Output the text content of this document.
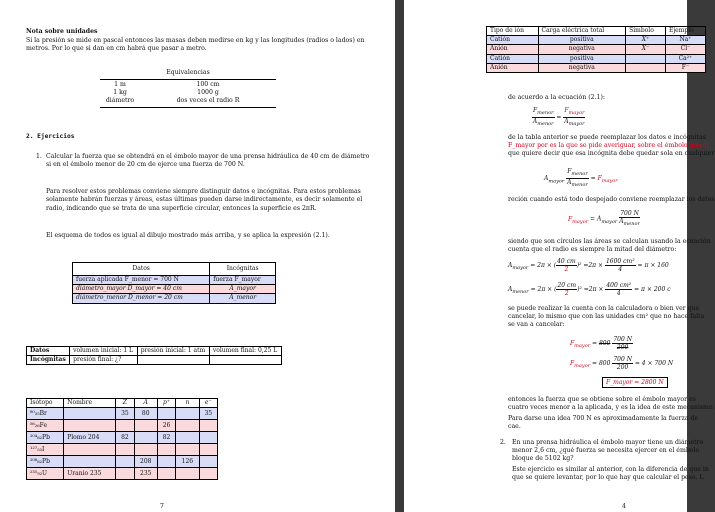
Nota sobre unidades
Si la presión se mide en pascal entonces las masas deben medirse en kg y las longitudes (radios o lados) en metros. Por lo que si dan en cm habrá que pasar a metro.
Equivalencias
1 m	100 cm
1 kg	1000 g
diámetro	dos veces el radio R
2. Ejercicios
1. Calcular la fuerza que se obtendrá en el émbolo mayor de una prensa hidráulica de 40 cm de diámetro si en el émbolo menor de 20 cm de ejerce una fuerza de 700 N.
Para resolver estos problemas conviene siempre distinguir datos e incógnitas. Para estos problemas solamente habrán fuerzas y áreas, estas últimas pueden darse indirectamente, es decir solamente el radio, indicando que se trata de una superficie circular, entonces la superficie es 2πR.
El esquema de todos es igual al dibujo mostrado más arriba, y se aplica la expresión (2.1).
Datos	Incógnitas
fuerza aplicada F_menor = 700 N	fuerza F_mayor
diámetro_mayor D_mayor = 40 cm	A_mayor
diámetro_menor D_menor = 20 cm	A_menor
Datos	volumen inicial: 1 L	presión inicial: 1 atm	volumen final: 0,25 L
Incógnitas	presión final: ¿?		
Isótopo	Nombre	Z	A	p⁺	n	e⁻
⁸⁰₃₅Br		35	80			35
⁵⁶₂₆Fe				26		
²⁰⁴₈₂Pb	Plomo 204	82		82		
¹²⁷₅₃I						
²⁰⁸₈₂Pb			208		126	
²³⁵₉₂U	Uranio 235		235			
7
Tipo de ión	Carga eléctrica total	Símbolo	Ejemplo
Catión	positiva	X⁺	Na⁺
Anión	negativa	X⁻	Cl⁻
Catión	positiva		Ca²⁺
Anión	negativa		F⁻
de acuerdo a la ecuación (2.1):
$\frac{F_{menor}}{A_{menor}} = \frac{F_{mayor}}{A_{mayor}}$
de la tabla anterior se puede reemplazar los datos e incógnitas
F_mayor por es la que se pide averiguar, sobre el émbolo mayor,
que quiere decir que esa incógnita debe quedar sola en cualquier
$A_{mayor} \frac{F_{menor}}{A_{menor}} = F_{mayor}$
reción cuando está todo despejado conviene reemplazar los datos
$F_{mayor} = A_{mayor} \frac{700 N}{A_{menor}}$
siendo que son círculos las áreas se calculan usando la ecuación
cuenta que el radio es siempre la mitad del diámetro:
$A_{mayor} = 2\pi$ × ( $\frac{40 cm}{2} )^2 =2\pi \times \frac{\text{1600 cm²}}{4} = \pi \times 160$
$A_{menor} = 2\pi$ × ( $\frac{20 cm}{2} )^2 =2\pi \times \frac{\text{400 cm²}}{4} = \pi \times 200$ c
se puede realizar la cuenta con la calculadora o bien ver que
cancelar, lo mismo que con las unidades cm² que no hace falta
se van a cancelar:
$F_{mayor} = 800 \frac{700 N}{200}$
$F_{mayor} = 800 \frac{700 N}{200} = 4 \times 700$ N
F_mayor = 2800 N
entonces la fuerza que se obtiene sobre el émbolo mayor es
cuatro veces menor a la aplicada, y es la idea de este mecanismo.
Para darse una idea 700 N es aproximadamente la fuerza de
cae.
2. En una prensa hidráulica el émbolo mayor tiene un diámetro
menor 2,6 cm, ¿qué fuerza se necesita ejercer en el émbolo
bloque de 5102 kg?
Este ejercicio es similar al anterior, con la diferencia de que in
que se quiere levantar, por lo que hay que calcular el peso. L
4
